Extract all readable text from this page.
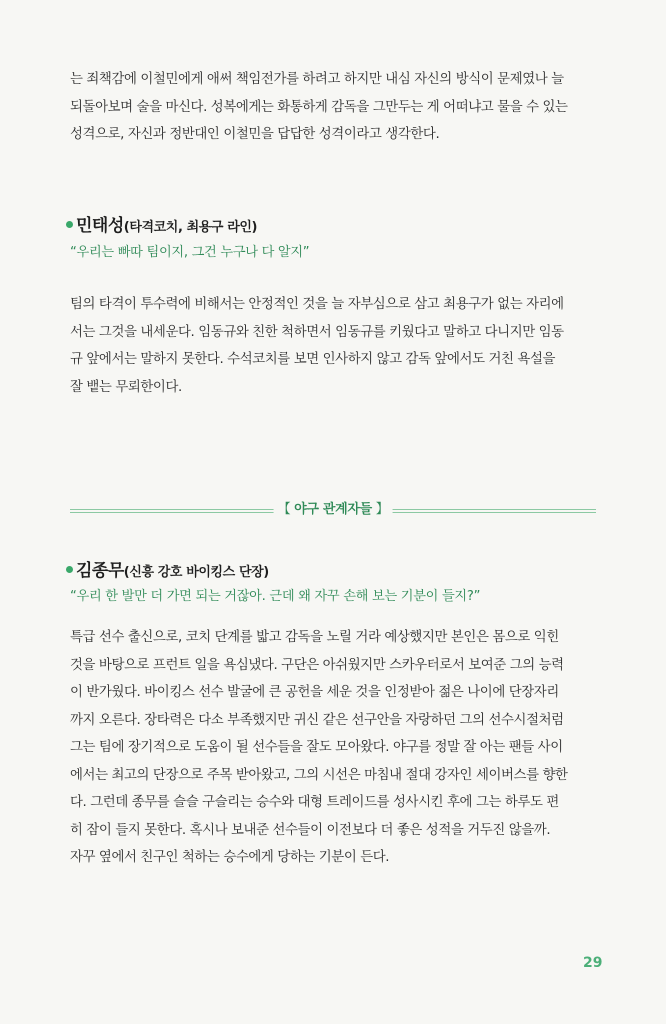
는 죄책감에 이철민에게 애써 책임전가를 하려고 하지만 내심 자신의 방식이 문제였나 늘
되돌아보며 술을 마신다. 성복에게는 화통하게 감독을 그만두는 게 어떠냐고 물을 수 있는
성격으로, 자신과 정반대인 이철민을 답답한 성격이라고 생각한다.

민태성(타격코치, 최용구 라인)

“우리는 빠따 팀이지, 그건 누구나 다 알지”

팀의 타격이 투수력에 비해서는 안정적인 것을 늘 자부심으로 삼고 최용구가 없는 자리에
서는 그것을 내세운다. 임동규와 친한 척하면서 임동규를 키웠다고 말하고 다니지만 임동
규 앞에서는 말하지 못한다. 수석코치를 보면 인사하지 않고 감독 앞에서도 거친 욕설을
잘 뱉는 무뢰한이다.

【 야구 관계자들 】
김종무(신흥 강호 바이킹스 단장)

“우리 한 발만 더 가면 되는 거잖아. 근데 왜 자꾸 손해 보는 기분이 들지?”

특급 선수 출신으로, 코치 단계를 밟고 감독을 노릴 거라 예상했지만 본인은 몸으로 익힌
것을 바탕으로 프런트 일을 욕심냈다. 구단은 아쉬웠지만 스카우터로서 보여준 그의 능력
이 반가웠다. 바이킹스 선수 발굴에 큰 공헌을 세운 것을 인정받아 젊은 나이에 단장자리
까지 오른다. 장타력은 다소 부족했지만 귀신 같은 선구안을 자랑하던 그의 선수시절처럼
그는 팀에 장기적으로 도움이 될 선수들을 잘도 모아왔다. 야구를 정말 잘 아는 팬들 사이
에서는 최고의 단장으로 주목 받아왔고, 그의 시선은 마침내 절대 강자인 세이버스를 향한
다. 그런데 종무를 슬슬 구슬리는 승수와 대형 트레이드를 성사시킨 후에 그는 하루도 편
히 잠이 들지 못한다. 혹시나 보내준 선수들이 이전보다 더 좋은 성적을 거두진 않을까.
자꾸 옆에서 친구인 척하는 승수에게 당하는 기분이 든다.

29
